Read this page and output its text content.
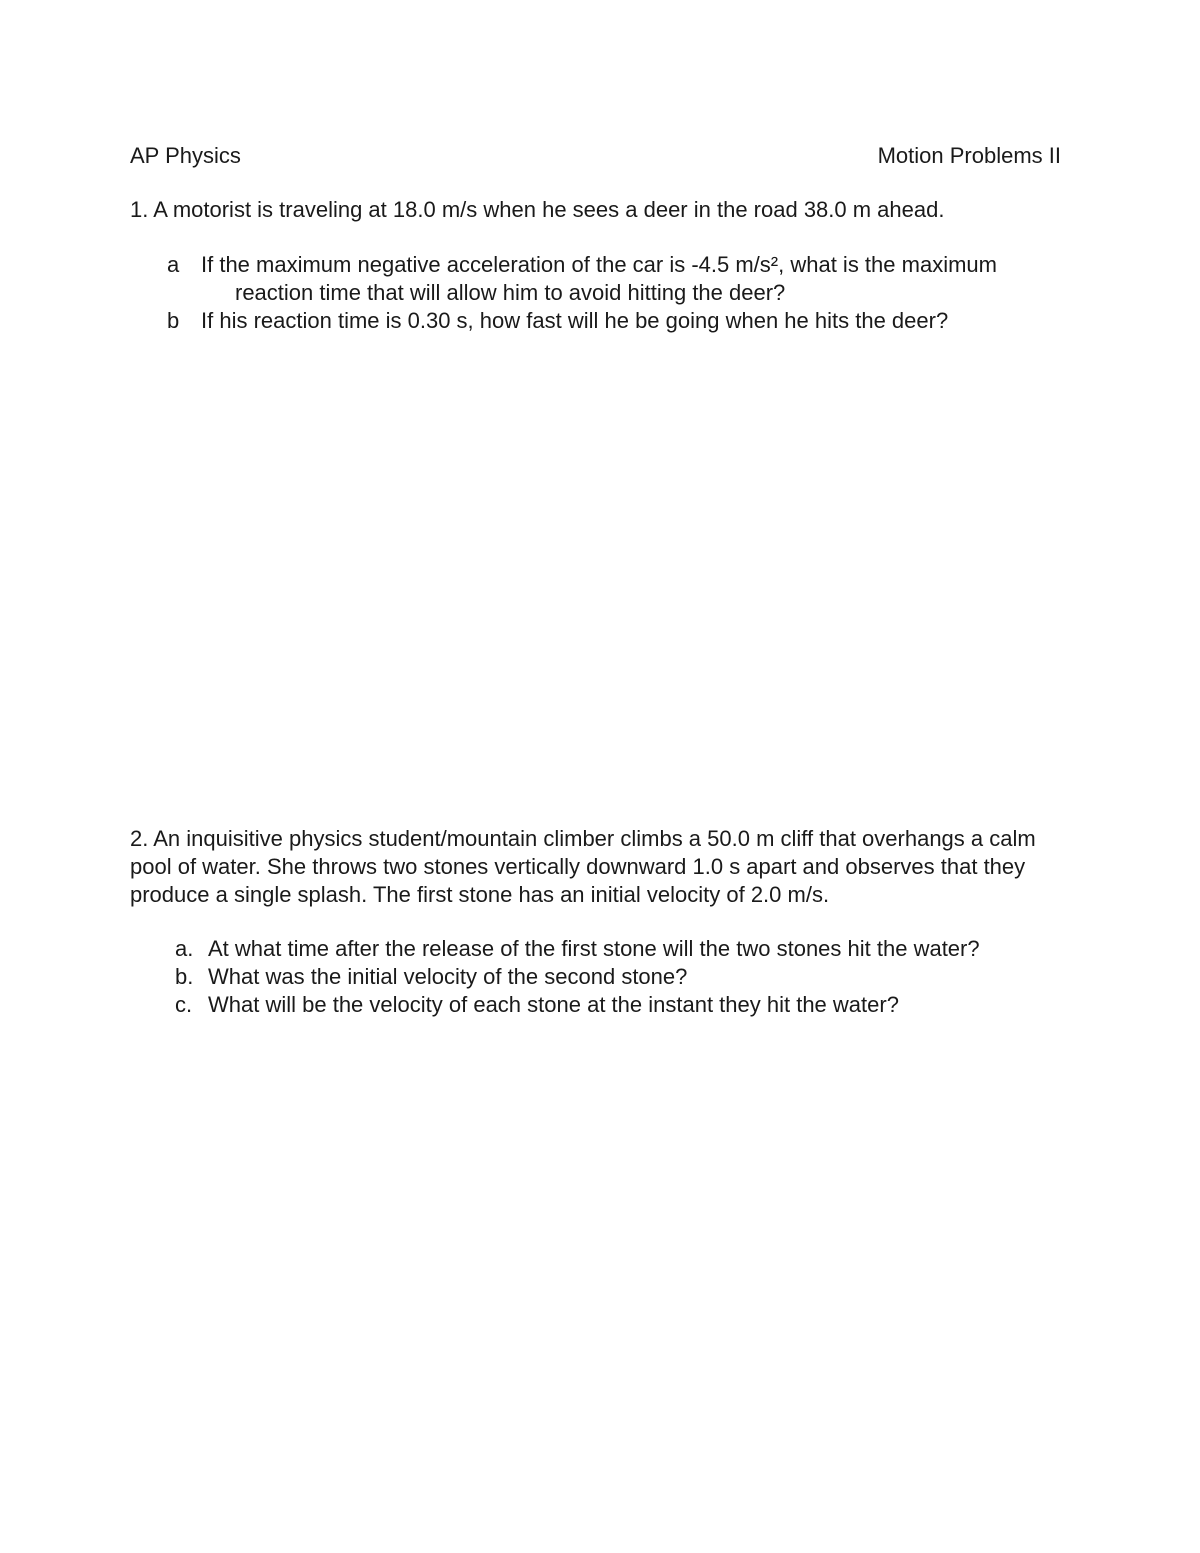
AP Physics	Motion Problems II
1. A motorist is traveling at 18.0 m/s when he sees a deer in the road 38.0 m ahead.
a If the maximum negative acceleration of the car is -4.5 m/s², what is the maximum
reaction time that will allow him to avoid hitting the deer?
b If his reaction time is 0.30 s, how fast will he be going when he hits the deer?
2. An inquisitive physics student/mountain climber climbs a 50.0 m cliff that overhangs a calm pool of water. She throws two stones vertically downward 1.0 s apart and observes that they produce a single splash. The first stone has an initial velocity of 2.0 m/s.
a. At what time after the release of the first stone will the two stones hit the water?
b. What was the initial velocity of the second stone?
c. What will be the velocity of each stone at the instant they hit the water?
